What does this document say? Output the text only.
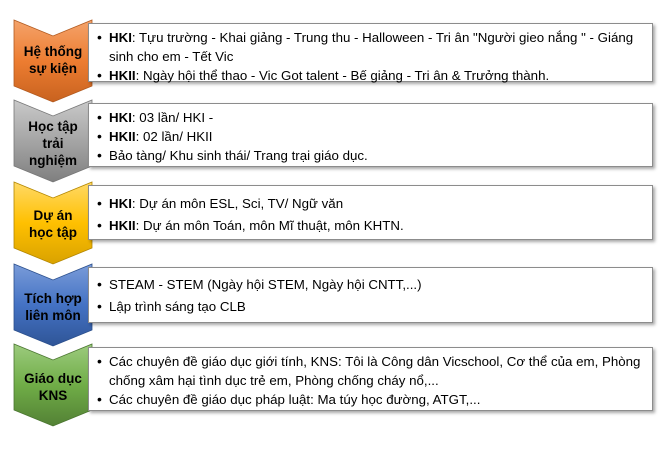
Hệ thống
sự kiện
• HKI: Tựu trường - Khai giảng - Trung thu - Halloween - Tri ân "Người gieo nắng " - Giáng sinh cho em - Tết Vic
• HKII: Ngày hội thể thao - Vic Got talent - Bế giảng - Tri ân & Trưởng thành.
Học tập
trải
nghiệm
• HKI: 03 lần/ HKI -
• HKII: 02 lần/ HKII
• Bảo tàng/ Khu sinh thái/ Trang trại giáo dục.
Dự án
học tập
• HKI: Dự án môn ESL, Sci, TV/ Ngữ văn
• HKII: Dự án môn Toán, môn Mĩ thuật, môn KHTN.
Tích hợp
liên môn
• STEAM - STEM (Ngày hội STEM, Ngày hội CNTT,...)
• Lập trình sáng tạo CLB
Giáo dục
KNS
• Các chuyên đề giáo dục giới tính, KNS: Tôi là Công dân Vicschool, Cơ thể của em, Phòng chống xâm hại tình dục trẻ em, Phòng chống cháy nổ,...
• Các chuyên đề giáo dục pháp luật: Ma túy học đường, ATGT,...
